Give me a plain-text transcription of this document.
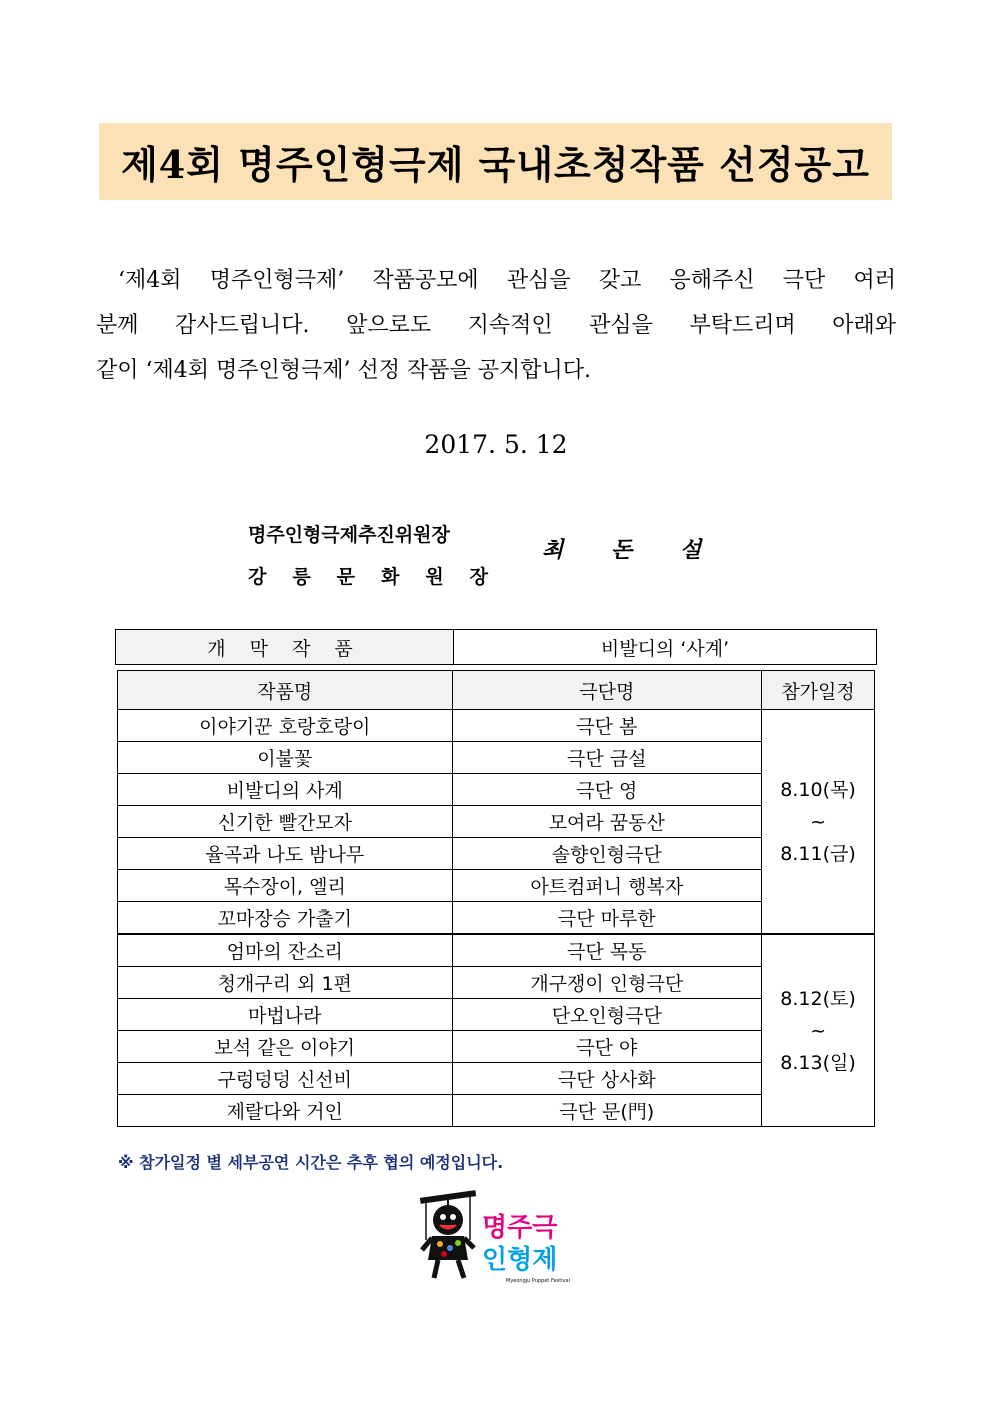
제4회 명주인형극제 국내초청작품 선정공고
‘제4회 명주인형극제’ 작품공모에 관심을 갖고 응해주신 극단 여러
분께 감사드립니다. 앞으로도 지속적인 관심을 부탁드리며 아래와
같이 ‘제4회 명주인형극제’ 선정 작품을 공지합니다.
2017. 5. 12
명주인형극제추진위원장
강 릉 문 화 원 장
최 돈 설
개 막 작 품	비발디의 ‘사계’
작품명	극단명	참가일정
이야기꾼 호랑호랑이	극단 봄	8.10(목)
~
8.11(금)

이불꽃	극단 금설	
비발디의 사계	극단 영	
신기한 빨간모자	모여라 꿈동산	
율곡과 나도 밤나무	솔향인형극단	
목수장이, 엘리	아트컴퍼니 행복자	
꼬마장승 가출기	극단 마루한	
엄마의 잔소리	극단 목동	8.12(토)
~
8.13(일)

청개구리 외 1편	개구쟁이 인형극단	
마법나라	단오인형극단	
보석 같은 이야기	극단 야	
구렁덩덩 신선비	극단 상사화	
제랄다와 거인	극단 문(門)	
※ 참가일정 별 세부공연 시간은 추후 협의 예정입니다.
명주극
인형제
Myeongju Puppet Festival
